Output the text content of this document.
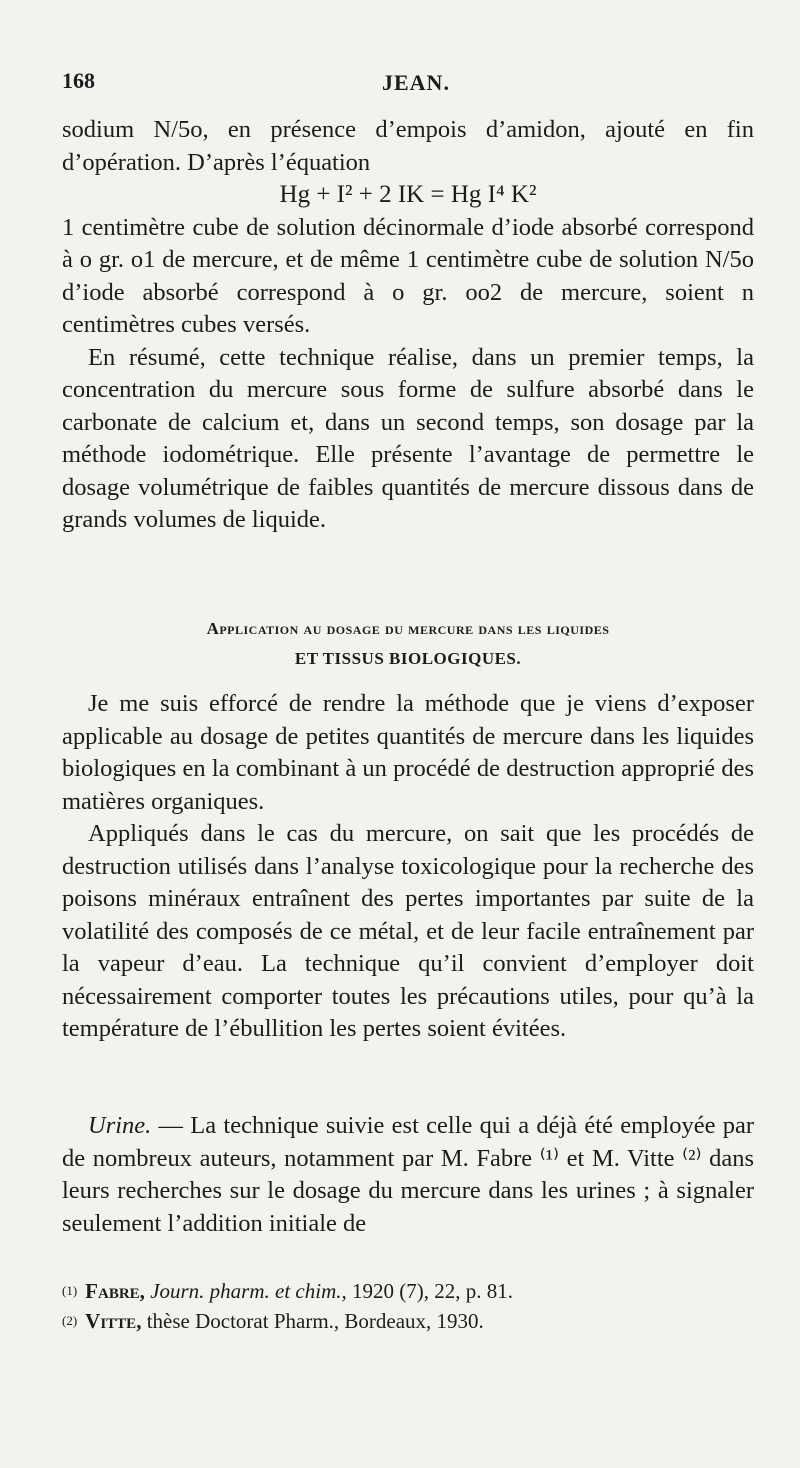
168	JEAN.

sodium N/5o, en présence d’empois d’amidon, ajouté en fin d’opération. D’après l’équation

Hg + I² + 2 IK = Hg I⁴ K²

1 centimètre cube de solution décinormale d’iode absorbé correspond à o gr. o1 de mercure, et de même 1 centimètre cube de solution N/5o d’iode absorbé correspond à o gr. oo2 de mercure, soient n centimètres cubes versés.

En résumé, cette technique réalise, dans un premier temps, la concentration du mercure sous forme de sulfure absorbé dans le carbonate de calcium et, dans un second temps, son dosage par la méthode iodométrique. Elle présente l’avantage de permettre le dosage volumétrique de faibles quantités de mercure dissous dans de grands volumes de liquide.

Application au dosage du mercure dans les liquides
ET TISSUS BIOLOGIQUES.

Je me suis efforcé de rendre la méthode que je viens d’exposer applicable au dosage de petites quantités de mercure dans les liquides biologiques en la combinant à un procédé de destruction approprié des matières organiques.

Appliqués dans le cas du mercure, on sait que les procédés de destruction utilisés dans l’analyse toxicologique pour la recherche des poisons minéraux entraînent des pertes importantes par suite de la volatilité des composés de ce métal, et de leur facile entraînement par la vapeur d’eau. La technique qu’il convient d’employer doit nécessairement comporter toutes les précautions utiles, pour qu’à la température de l’ébullition les pertes soient évitées.

Urine. — La technique suivie est celle qui a déjà été employée par de nombreux auteurs, notamment par M. Fabre ⁽¹⁾ et M. Vitte ⁽²⁾ dans leurs recherches sur le dosage du mercure dans les urines ; à signaler seulement l’addition initiale de

$^{(1)}$ Fabre, Journ. pharm. et chim., 1920 (7), 22, p. 81.

$^{(2)}$ Vitte, thèse Doctorat Pharm., Bordeaux, 1930.
